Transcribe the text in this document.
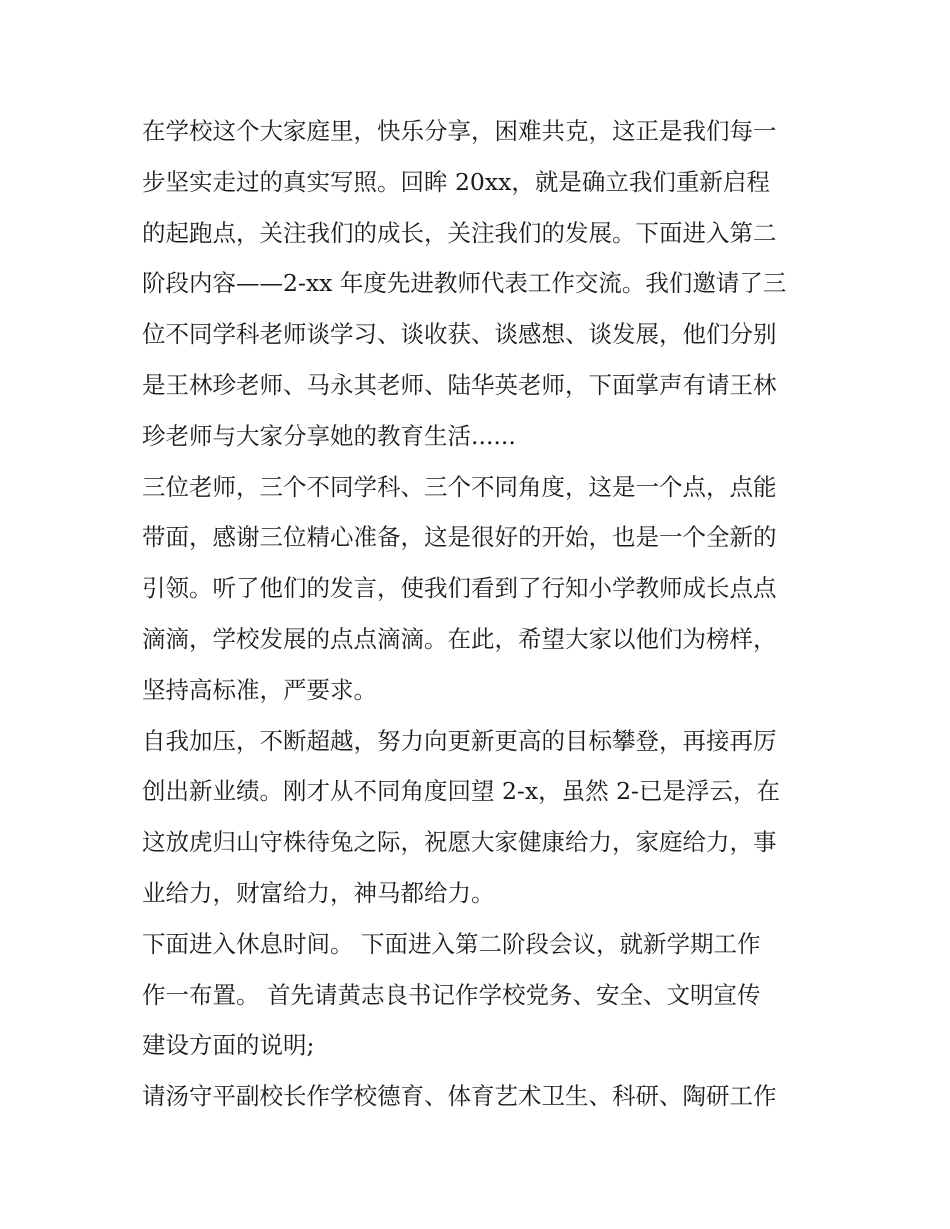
在学校这个大家庭里，快乐分享，困难共克，这正是我们每一
步坚实走过的真实写照。回眸 20xx，就是确立我们重新启程
的起跑点，关注我们的成长，关注我们的发展。下面进入第二
阶段内容——2-xx 年度先进教师代表工作交流。我们邀请了三
位不同学科老师谈学习、谈收获、谈感想、谈发展，他们分别
是王林珍老师、马永其老师、陆华英老师，下面掌声有请王林
珍老师与大家分享她的教育生活......
三位老师，三个不同学科、三个不同角度，这是一个点，点能
带面，感谢三位精心准备，这是很好的开始，也是一个全新的
引领。听了他们的发言，使我们看到了行知小学教师成长点点
滴滴，学校发展的点点滴滴。在此，希望大家以他们为榜样，
坚持高标准，严要求。
自我加压，不断超越，努力向更新更高的目标攀登，再接再厉
创出新业绩。刚才从不同角度回望 2-x，虽然 2-已是浮云，在
这放虎归山守株待兔之际，祝愿大家健康给力，家庭给力，事
业给力，财富给力，神马都给力。
下面进入休息时间。 下面进入第二阶段会议，就新学期工作
作一布置。 首先请黄志良书记作学校党务、安全、文明宣传
建设方面的说明;
请汤守平副校长作学校德育、体育艺术卫生、科研、陶研工作
